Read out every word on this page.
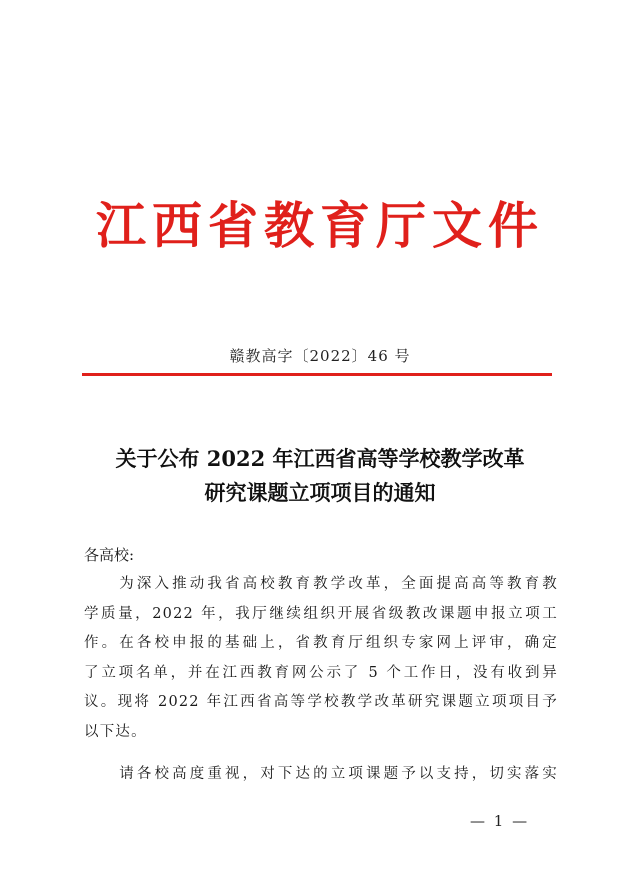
江西省教育厅文件
赣教高字〔2022〕46 号
关于公布 2022 年江西省高等学校教学改革
研究课题立项项目的通知
各高校:
　　为深入推动我省高校教育教学改革，全面提高高等教育教
学质量，2022 年，我厅继续组织开展省级教改课题申报立项工
作。在各校申报的基础上，省教育厅组织专家网上评审，确定
了立项名单，并在江西教育网公示了 5 个工作日，没有收到异
议。现将 2022 年江西省高等学校教学改革研究课题立项项目予
以下达。
　　请各校高度重视，对下达的立项课题予以支持，切实落实
— 1 —
